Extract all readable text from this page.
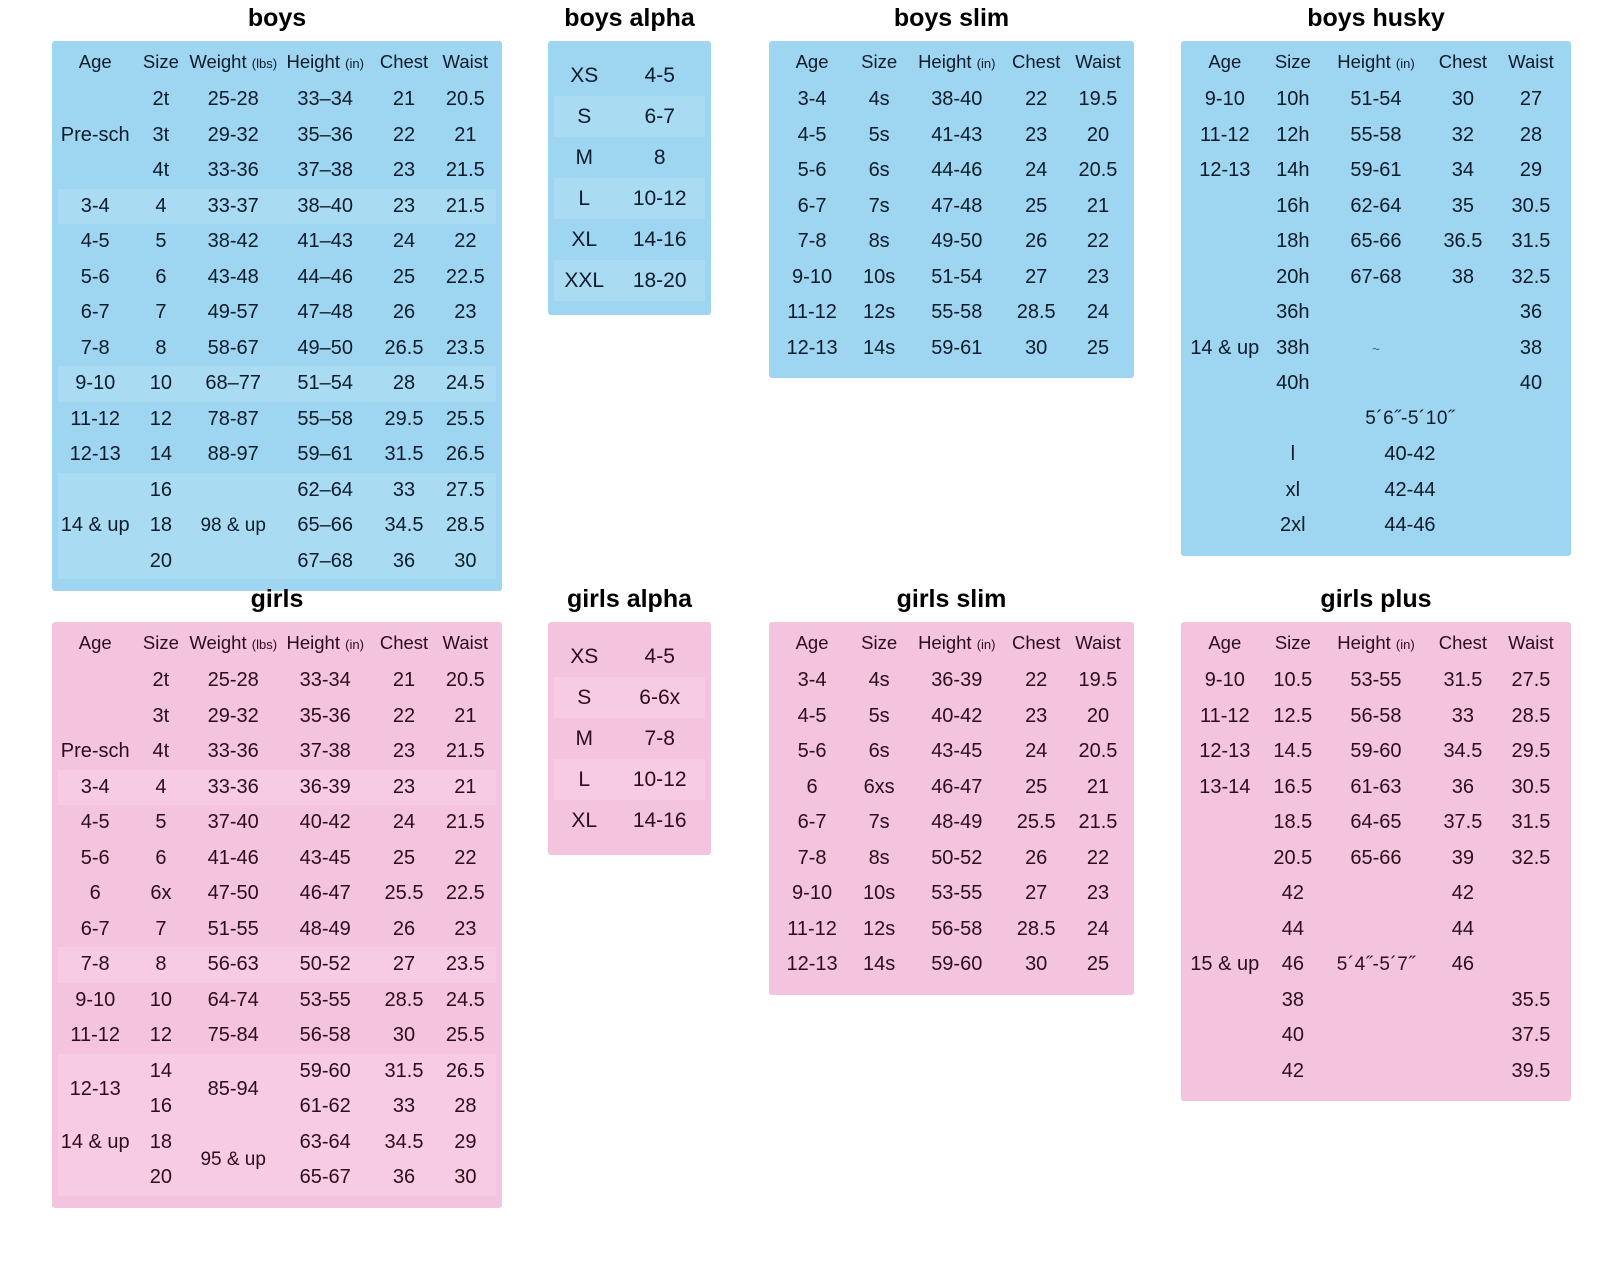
boys
Age	Size	Weight (lbs)	Height (in)	Chest	Waist
	2t	25-28	33–34	21	20.5
Pre-sch	3t	29-32	35–36	22	21
	4t	33-36	37–38	23	21.5
3-4	4	33-37	38–40	23	21.5
4-5	5	38-42	41–43	24	22
5-6	6	43-48	44–46	25	22.5
6-7	7	49-57	47–48	26	23
7-8	8	58-67	49–50	26.5	23.5
9-10	10	68–77	51–54	28	24.5
11-12	12	78-87	55–58	29.5	25.5
12-13	14	88-97	59–61	31.5	26.5
	16		62–64	33	27.5
14 & up	18	98 & up	65–66	34.5	28.5
	20		67–68	36	30
boys alpha
XS	4-5
S	6-7
M	8
L	10-12
XL	14-16
XXL	18-20
boys slim
Age	Size	Height (in)	Chest	Waist
3-4	4s	38-40	22	19.5
4-5	5s	41-43	23	20
5-6	6s	44-46	24	20.5
6-7	7s	47-48	25	21
7-8	8s	49-50	26	22
9-10	10s	51-54	27	23
11-12	12s	55-58	28.5	24
12-13	14s	59-61	30	25
boys husky
Age	Size	Height (in)	Chest	Waist
9-10	10h	51-54	30	27
11-12	12h	55-58	32	28
12-13	14h	59-61	34	29
	16h	62-64	35	30.5
	18h	65-66	36.5	31.5
	20h	67-68	38	32.5
	36h			36
14 & up	38h	~		38
	40h			40
		5´6˝-5´10˝		
	l	40-42		
	xl	42-44		
	2xl	44-46		
girls
Age	Size	Weight (lbs)	Height (in)	Chest	Waist
	2t	25-28	33-34	21	20.5
	3t	29-32	35-36	22	21
Pre-sch	4t	33-36	37-38	23	21.5
3-4	4	33-36	36-39	23	21
4-5	5	37-40	40-42	24	21.5
5-6	6	41-46	43-45	25	22
6	6x	47-50	46-47	25.5	22.5
6-7	7	51-55	48-49	26	23
7-8	8	56-63	50-52	27	23.5
9-10	10	64-74	53-55	28.5	24.5
11-12	12	75-84	56-58	30	25.5
12-13	14	85-94	59-60	31.5	26.5
	16		61-62	33	28
14 & up	18	95 & up	63-64	34.5	29
	20		65-67	36	30
girls alpha
XS	4-5
S	6-6x
M	7-8
L	10-12
XL	14-16
girls slim
Age	Size	Height (in)	Chest	Waist
3-4	4s	36-39	22	19.5
4-5	5s	40-42	23	20
5-6	6s	43-45	24	20.5
6	6xs	46-47	25	21
6-7	7s	48-49	25.5	21.5
7-8	8s	50-52	26	22
9-10	10s	53-55	27	23
11-12	12s	56-58	28.5	24
12-13	14s	59-60	30	25
girls plus
Age	Size	Height (in)	Chest	Waist
9-10	10.5	53-55	31.5	27.5
11-12	12.5	56-58	33	28.5
12-13	14.5	59-60	34.5	29.5
13-14	16.5	61-63	36	30.5
	18.5	64-65	37.5	31.5
	20.5	65-66	39	32.5
	42		42	
	44		44	
15 & up	46	5´4˝-5´7˝	46	
	38			35.5
	40			37.5
	42			39.5
